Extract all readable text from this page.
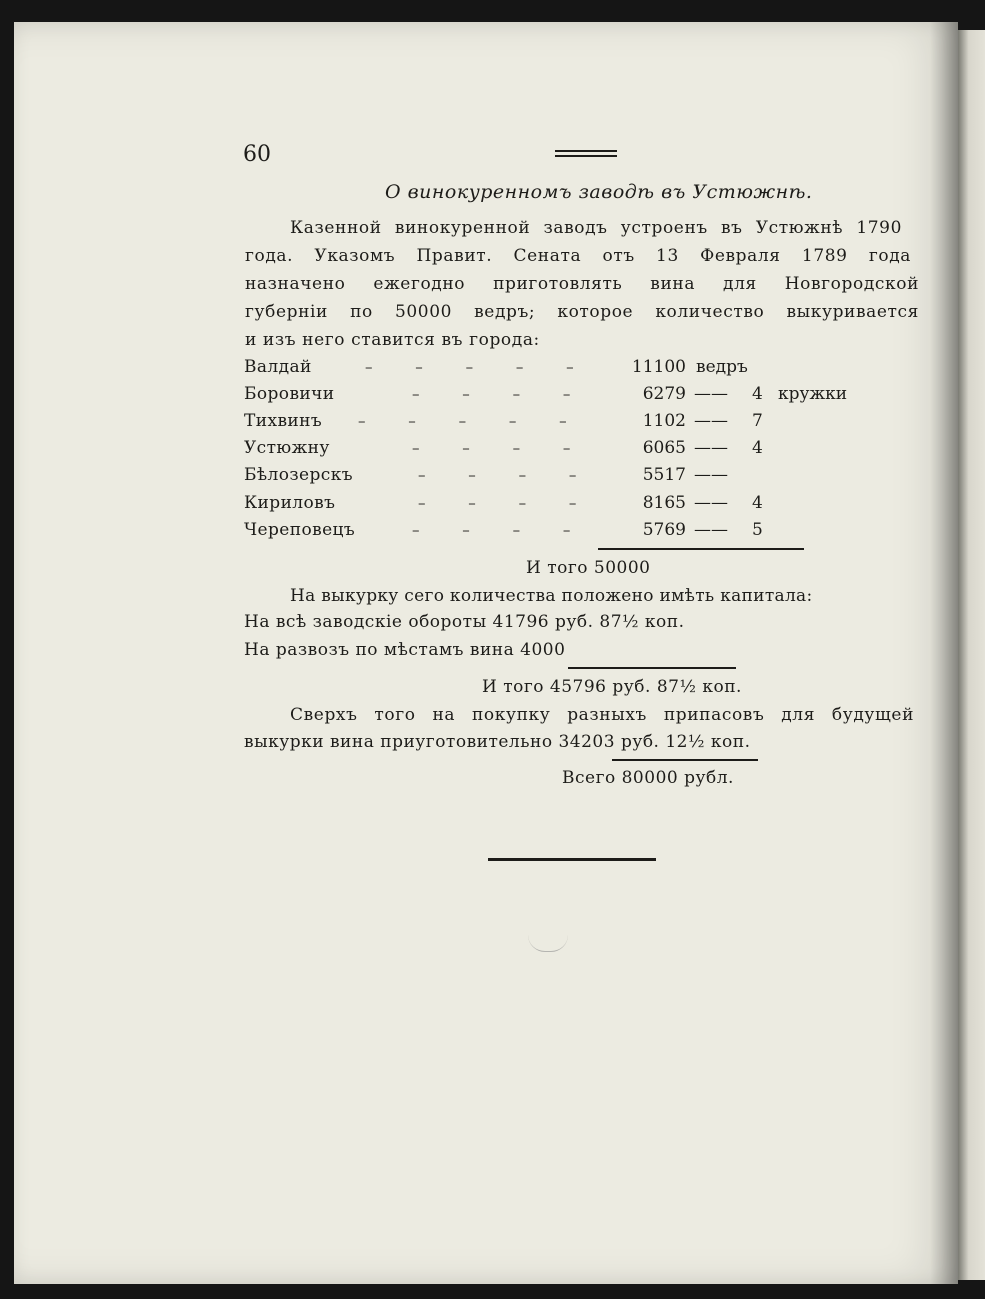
60
О винокуренномъ заводѣ въ Устюжнѣ.
Казенной винокуренной заводъ устроенъ въ Устюжнѣ 1790
года. Указомъ Правит. Сената отъ 13 Февраля 1789 года
назначено ежегодно приготовлять вина для Новгородской
губерніи по 50000 ведръ; которое количество выкуривается
и изъ него ставится въ города:
Валдай	–	–	–	–	–	11100 ведръ
Боровичи	–	–	–	–	6279 —— 4 кружки
Тихвинъ –	–	–	–	–	1102 —— 7
Устюжну	–	–	–	–	6065 —— 4
Бѣлозерскъ	–	–	–	–	5517 ——
Кириловъ	–	–	–	–	8165 —— 4
Череповецъ	–	–	–	–	5769 —— 5
И того 50000
На выкурку сего количества положено имѣть капитала:
На всѣ заводскіе обороты 41796 руб. 87½ коп.
На развозъ по мѣстамъ вина 4000
И того 45796 руб. 87½ коп.
Сверхъ того на покупку разныхъ припасовъ для будущей
выкурки вина приуготовительно 34203 руб. 12½ коп.
Всего 80000 рубл.
